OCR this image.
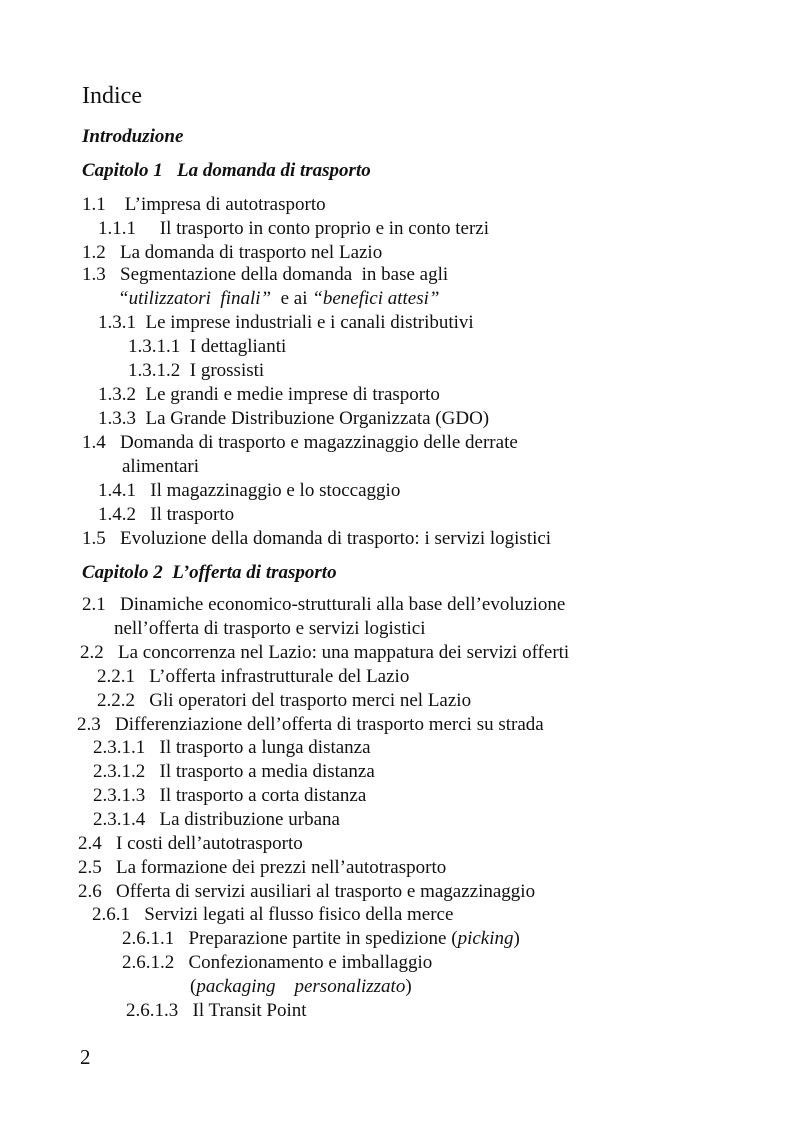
Indice
Introduzione
Capitolo 1   La domanda di trasporto
1.1    L’impresa di autotrasporto
1.1.1     Il trasporto in conto proprio e in conto terzi
1.2   La domanda di trasporto nel Lazio
1.3   Segmentazione della domanda  in base agli
“utilizzatori  finali”  e ai “benefici attesi”
1.3.1  Le imprese industriali e i canali distributivi
1.3.1.1  I dettaglianti
1.3.1.2  I grossisti
1.3.2  Le grandi e medie imprese di trasporto
1.3.3  La Grande Distribuzione Organizzata (GDO)
1.4   Domanda di trasporto e magazzinaggio delle derrate
alimentari
1.4.1   Il magazzinaggio e lo stoccaggio
1.4.2   Il trasporto
1.5   Evoluzione della domanda di trasporto: i servizi logistici
Capitolo 2  L’offerta di trasporto
2.1   Dinamiche economico-strutturali alla base dell’evoluzione
nell’offerta di trasporto e servizi logistici
2.2   La concorrenza nel Lazio: una mappatura dei servizi offerti
2.2.1   L’offerta infrastrutturale del Lazio
2.2.2   Gli operatori del trasporto merci nel Lazio
2.3   Differenziazione dell’offerta di trasporto merci su strada
2.3.1.1   Il trasporto a lunga distanza
2.3.1.2   Il trasporto a media distanza
2.3.1.3   Il trasporto a corta distanza
2.3.1.4   La distribuzione urbana
2.4   I costi dell’autotrasporto
2.5   La formazione dei prezzi nell’autotrasporto
2.6   Offerta di servizi ausiliari al trasporto e magazzinaggio
2.6.1   Servizi legati al flusso fisico della merce
2.6.1.1   Preparazione partite in spedizione (picking)
2.6.1.2   Confezionamento e imballaggio
(packaging    personalizzato)
2.6.1.3   Il Transit Point
2
